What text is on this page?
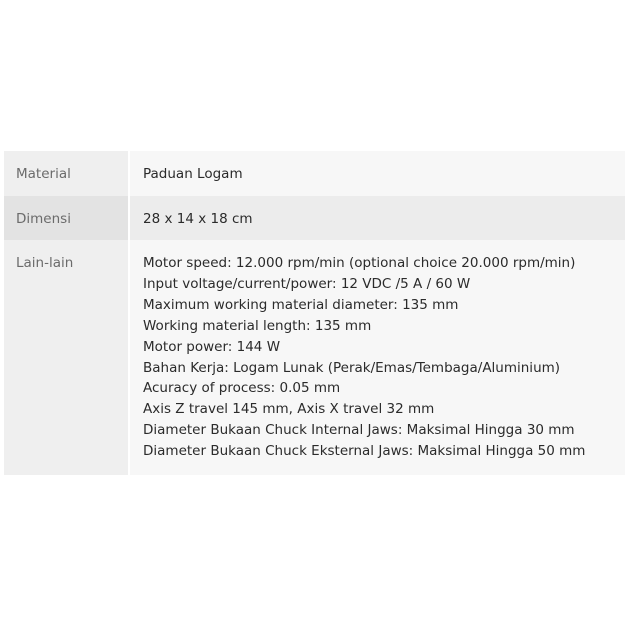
Material	Paduan Logam
Dimensi	28 x 14 x 18 cm
Lain-lain	Motor speed: 12.000 rpm/min (optional choice 20.000 rpm/min)
Input voltage/current/power: 12 VDC /5 A / 60 W
Maximum working material diameter: 135 mm
Working material length: 135 mm
Motor power: 144 W
Bahan Kerja: Logam Lunak (Perak/Emas/Tembaga/Aluminium)
Acuracy of process: 0.05 mm
Axis Z travel 145 mm, Axis X travel 32 mm
Diameter Bukaan Chuck Internal Jaws: Maksimal Hingga 30 mm
Diameter Bukaan Chuck Eksternal Jaws: Maksimal Hingga 50 mm
